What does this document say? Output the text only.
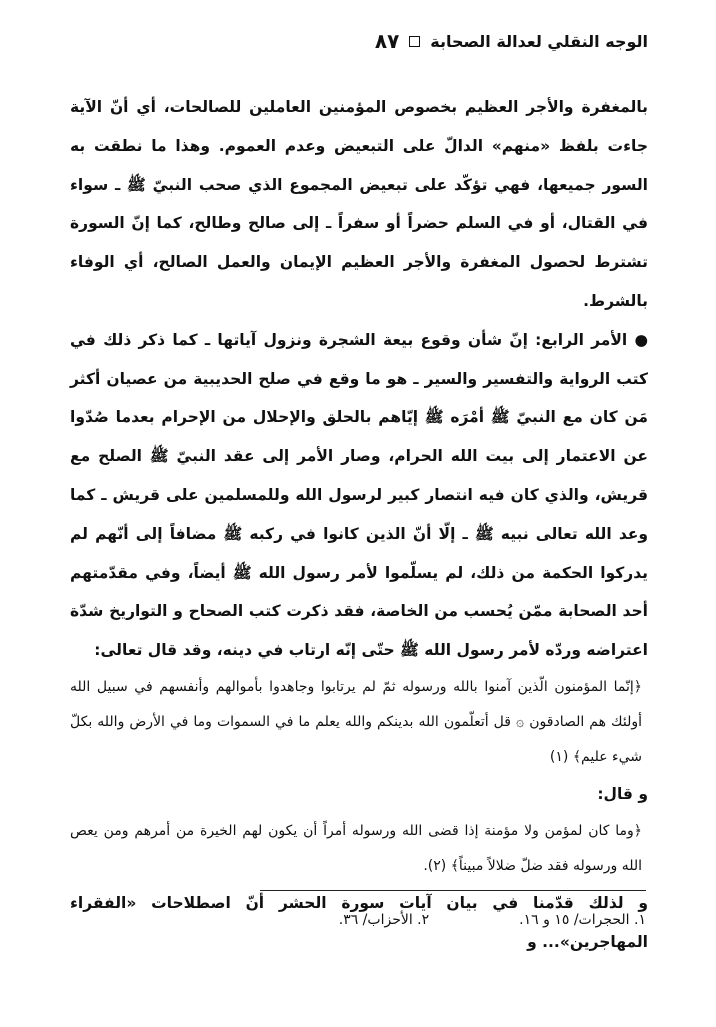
الوجه النقلي لعدالة الصحابة
٨٧

بالمغفرة والأجر العظيم بخصوص المؤمنين العاملين للصالحات، أي أنّ الآية جاءت بلفظ «منهم» الدالّ على التبعيض وعدم العموم. وهذا ما نطقت به السور جميعها، فهي تؤكّد على تبعيض المجموع الذي صحب النبيّ ﷺ ـ سواء في القتال، أو في السلم حضراً أو سفراً ـ إلى صالح وطالح، كما إنّ السورة تشترط لحصول المغفرة والأجر العظيم الإيمان والعمل الصالح، أي الوفاء بالشرط.

● الأمر الرابع: إنّ شأن وقوع بيعة الشجرة ونزول آياتها ـ كما ذكر ذلك في كتب الرواية والتفسير والسير ـ هو ما وقع في صلح الحديبية من عصيان أكثر مَن كان مع النبيّ ﷺ أمْرَه ﷺ إيّاهم بالحلق والإحلال من الإحرام بعدما صُدّوا عن الاعتمار إلى بيت الله الحرام، وصار الأمر إلى عقد النبيّ ﷺ الصلح مع قريش، والذي كان فيه انتصار كبير لرسول الله وللمسلمين على قريش ـ كما وعد الله تعالى نبيه ﷺ ـ إلّا أنّ الذين كانوا في ركبه ﷺ مضافاً إلى أنّهم لم يدركوا الحكمة من ذلك، لم يسلّموا لأمر رسول الله ﷺ أيضاً، وفي مقدّمتهم أحد الصحابة ممّن يُحسب من الخاصة، فقد ذكرت كتب الصحاح و التواريخ شدّة اعتراضه وردّه لأمر رسول الله ﷺ حتّى إنّه ارتاب في دينه، وقد قال تعالى:

﴿إنّما المؤمنون الّذين آمنوا بالله ورسوله ثمّ لم يرتابوا وجاهدوا بأموالهم وأنفسهم في سبيل الله أولئك هم الصادقون ۞ قل أتعلّمون الله بدينكم والله يعلم ما في السموات وما في الأرض والله بكلّ شيء عليم﴾ (١)

و قال:

﴿وما كان لمؤمن ولا مؤمنة إذا قضى الله ورسوله أمراً أن يكون لهم الخيرة من أمرهم ومن يعص الله ورسوله فقد ضلّ ضلالاً مبيناً﴾ (٢).

و لذلك قدّمنا في بيان آيات سورة الحشر أنّ اصطلاحات «الفقراء المهاجرين»... و

١. الحجرات/ ١٥ و ١٦.
٢. الأحزاب/ ٣٦.
